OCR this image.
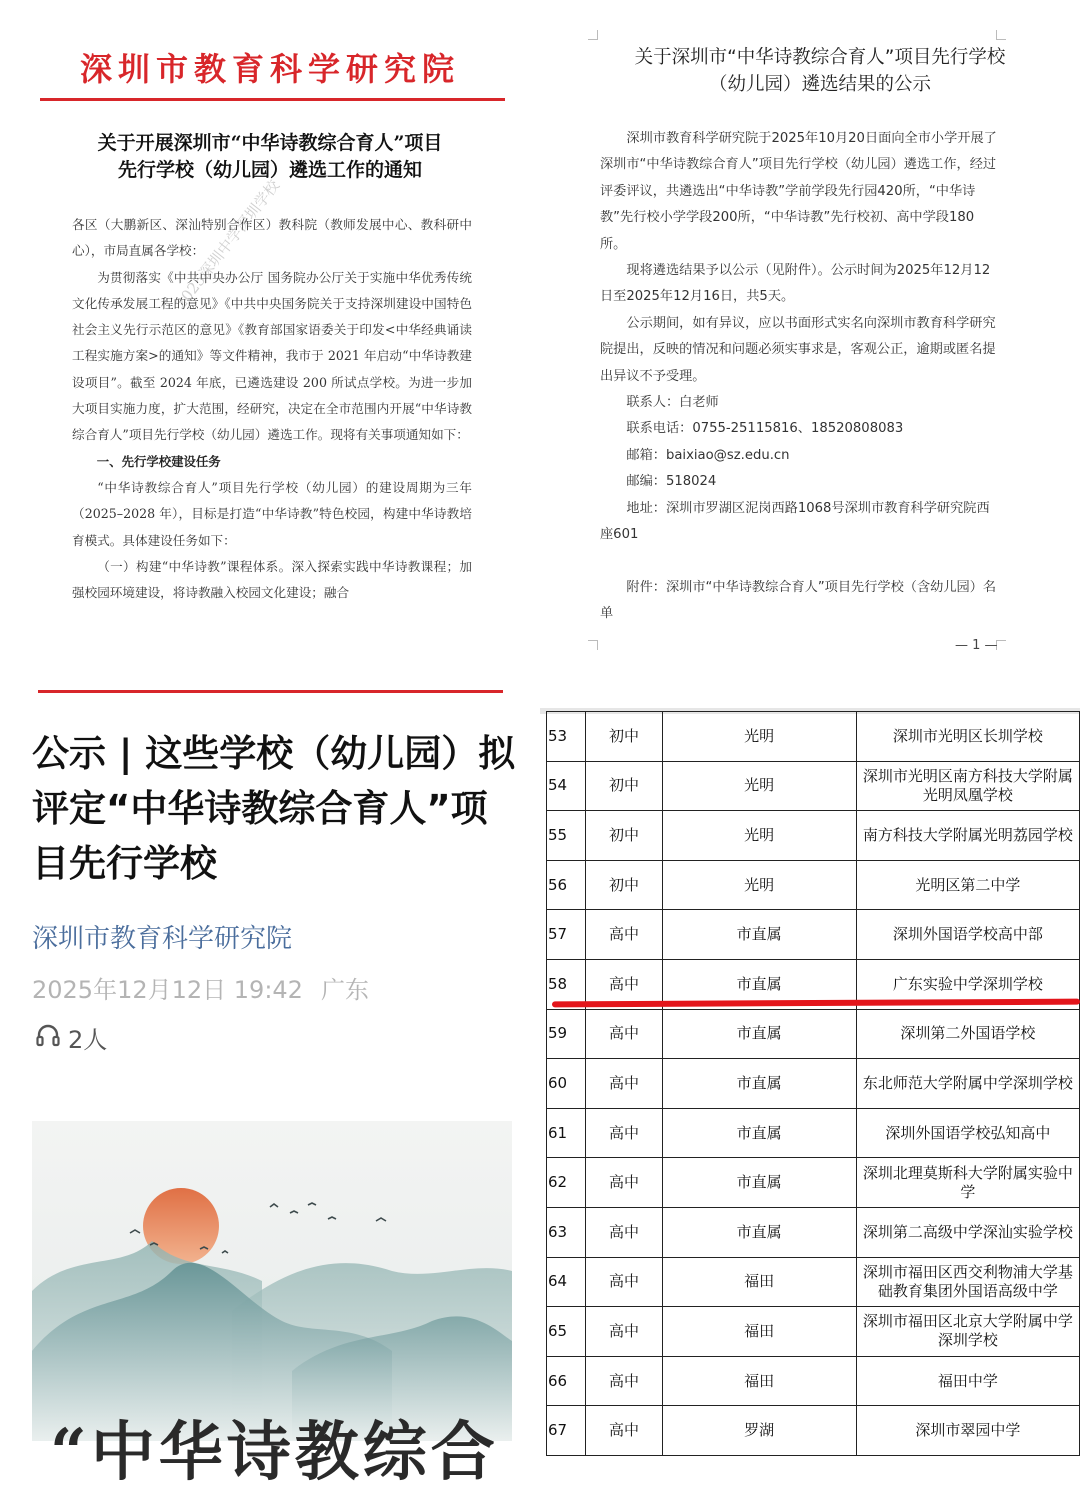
深圳市教育科学研究院
关于开展深圳市“中华诗教综合育人”项目
先行学校（幼儿园）遴选工作的通知

各区（大鹏新区、深汕特别合作区）教科院（教师发展中心、教科研中心），市局直属各学校：

为贯彻落实《中共中央办公厅 国务院办公厅关于实施中华优秀传统文化传承发展工程的意见》《中共中央国务院关于支持深圳建设中国特色社会主义先行示范区的意见》《教育部国家语委关于印发<中华经典诵读工程实施方案>的通知》等文件精神，我市于 2021 年启动“中华诗教建设项目”。截至 2024 年底，已遴选建设 200 所试点学校。为进一步加大项目实施力度，扩大范围，经研究，决定在全市范围内开展“中华诗教综合育人”项目先行学校（幼儿园）遴选工作。现将有关事项通知如下：

一、先行学校建设任务

“中华诗教综合育人”项目先行学校（幼儿园）的建设周期为三年（2025–2028 年），目标是打造“中华诗教”特色校园，构建中华诗教培育模式。具体建设任务如下：

（一）构建“中华诗教”课程体系。深入探索实践中华诗教课程；加强校园环境建设，将诗教融入校园文化建设；融合

2025深圳中学深圳学校
关于深圳市“中华诗教综合育人”项目先行学校
（幼儿园）遴选结果的公示

深圳市教育科学研究院于2025年10月20日面向全市小学开展了深圳市“中华诗教综合育人”项目先行学校（幼儿园）遴选工作，经过评委评议，共遴选出“中华诗教”学前学段先行园420所，“中华诗教”先行校小学学段200所，“中华诗教”先行校初、高中学段180所。

现将遴选结果予以公示（见附件）。公示时间为2025年12月12日至2025年12月16日，共5天。

公示期间，如有异议，应以书面形式实名向深圳市教育科学研究院提出，反映的情况和问题必须实事求是，客观公正，逾期或匿名提出异议不予受理。

联系人：白老师

联系电话：0755-25115816、18520808083

邮箱：baixiao@sz.edu.cn

邮编：518024

地址：深圳市罗湖区泥岗西路1068号深圳市教育科学研究院西座601

附件：深圳市“中华诗教综合育人”项目先行学校（含幼儿园）名单

— 1 —
公示 | 这些学校（幼儿园）拟评定“中华诗教综合育人”项目先行学校
深圳市教育科学研究院
2025年12月12日 19:42 广东
2人
“中华诗教综合
53	初中	光明	深圳市光明区长圳学校
54	初中	光明	深圳市光明区南方科技大学附属
光明凤凰学校
55	初中	光明	南方科技大学附属光明荔园学校
56	初中	光明	光明区第二中学
57	高中	市直属	深圳外国语学校高中部
58	高中	市直属	广东实验中学深圳学校
59	高中	市直属	深圳第二外国语学校
60	高中	市直属	东北师范大学附属中学深圳学校
61	高中	市直属	深圳外国语学校弘知高中
62	高中	市直属	深圳北理莫斯科大学附属实验中
学
63	高中	市直属	深圳第二高级中学深汕实验学校
64	高中	福田	深圳市福田区西交利物浦大学基
础教育集团外国语高级中学
65	高中	福田	深圳市福田区北京大学附属中学
深圳学校
66	高中	福田	福田中学
67	高中	罗湖	深圳市翠园中学
